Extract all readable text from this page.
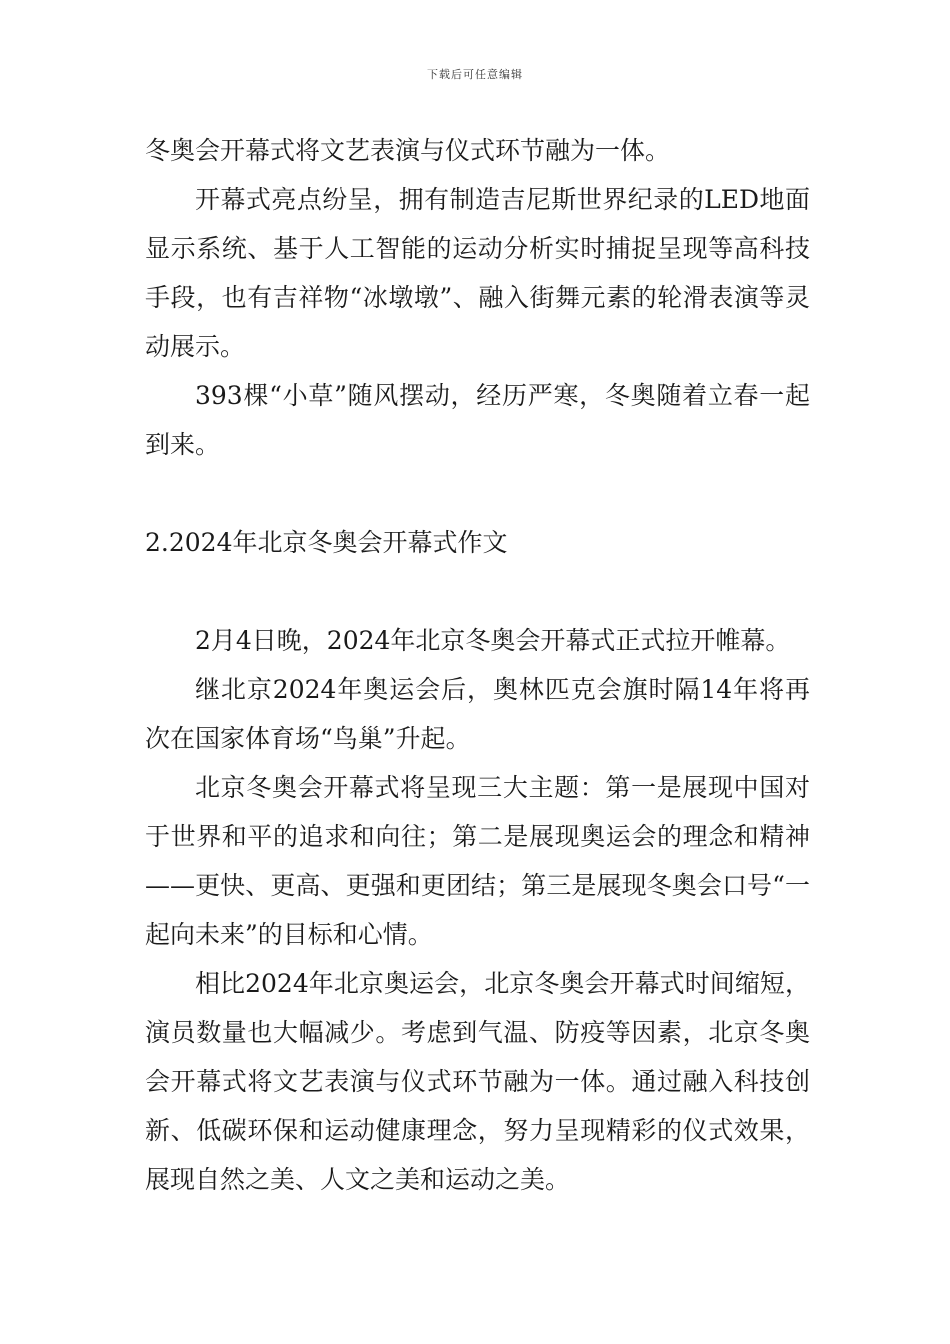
下载后可任意编辑

冬奥会开幕式将文艺表演与仪式环节融为一体。

开幕式亮点纷呈，拥有制造吉尼斯世界纪录的LED地面显示系统、基于人工智能的运动分析实时捕捉呈现等高科技手段，也有吉祥物“冰墩墩”、融入街舞元素的轮滑表演等灵动展示。

393棵“小草”随风摆动，经历严寒，冬奥随着立春一起到来。

2.2024年北京冬奥会开幕式作文

2月4日晚，2024年北京冬奥会开幕式正式拉开帷幕。

继北京2024年奥运会后，奥林匹克会旗时隔14年将再次在国家体育场“鸟巢”升起。

北京冬奥会开幕式将呈现三大主题：第一是展现中国对于世界和平的追求和向往；第二是展现奥运会的理念和精神——更快、更高、更强和更团结；第三是展现冬奥会口号“一起向未来”的目标和心情。

相比2024年北京奥运会，北京冬奥会开幕式时间缩短，演员数量也大幅减少。考虑到气温、防疫等因素，北京冬奥会开幕式将文艺表演与仪式环节融为一体。通过融入科技创新、低碳环保和运动健康理念，努力呈现精彩的仪式效果，展现自然之美、人文之美和运动之美。
